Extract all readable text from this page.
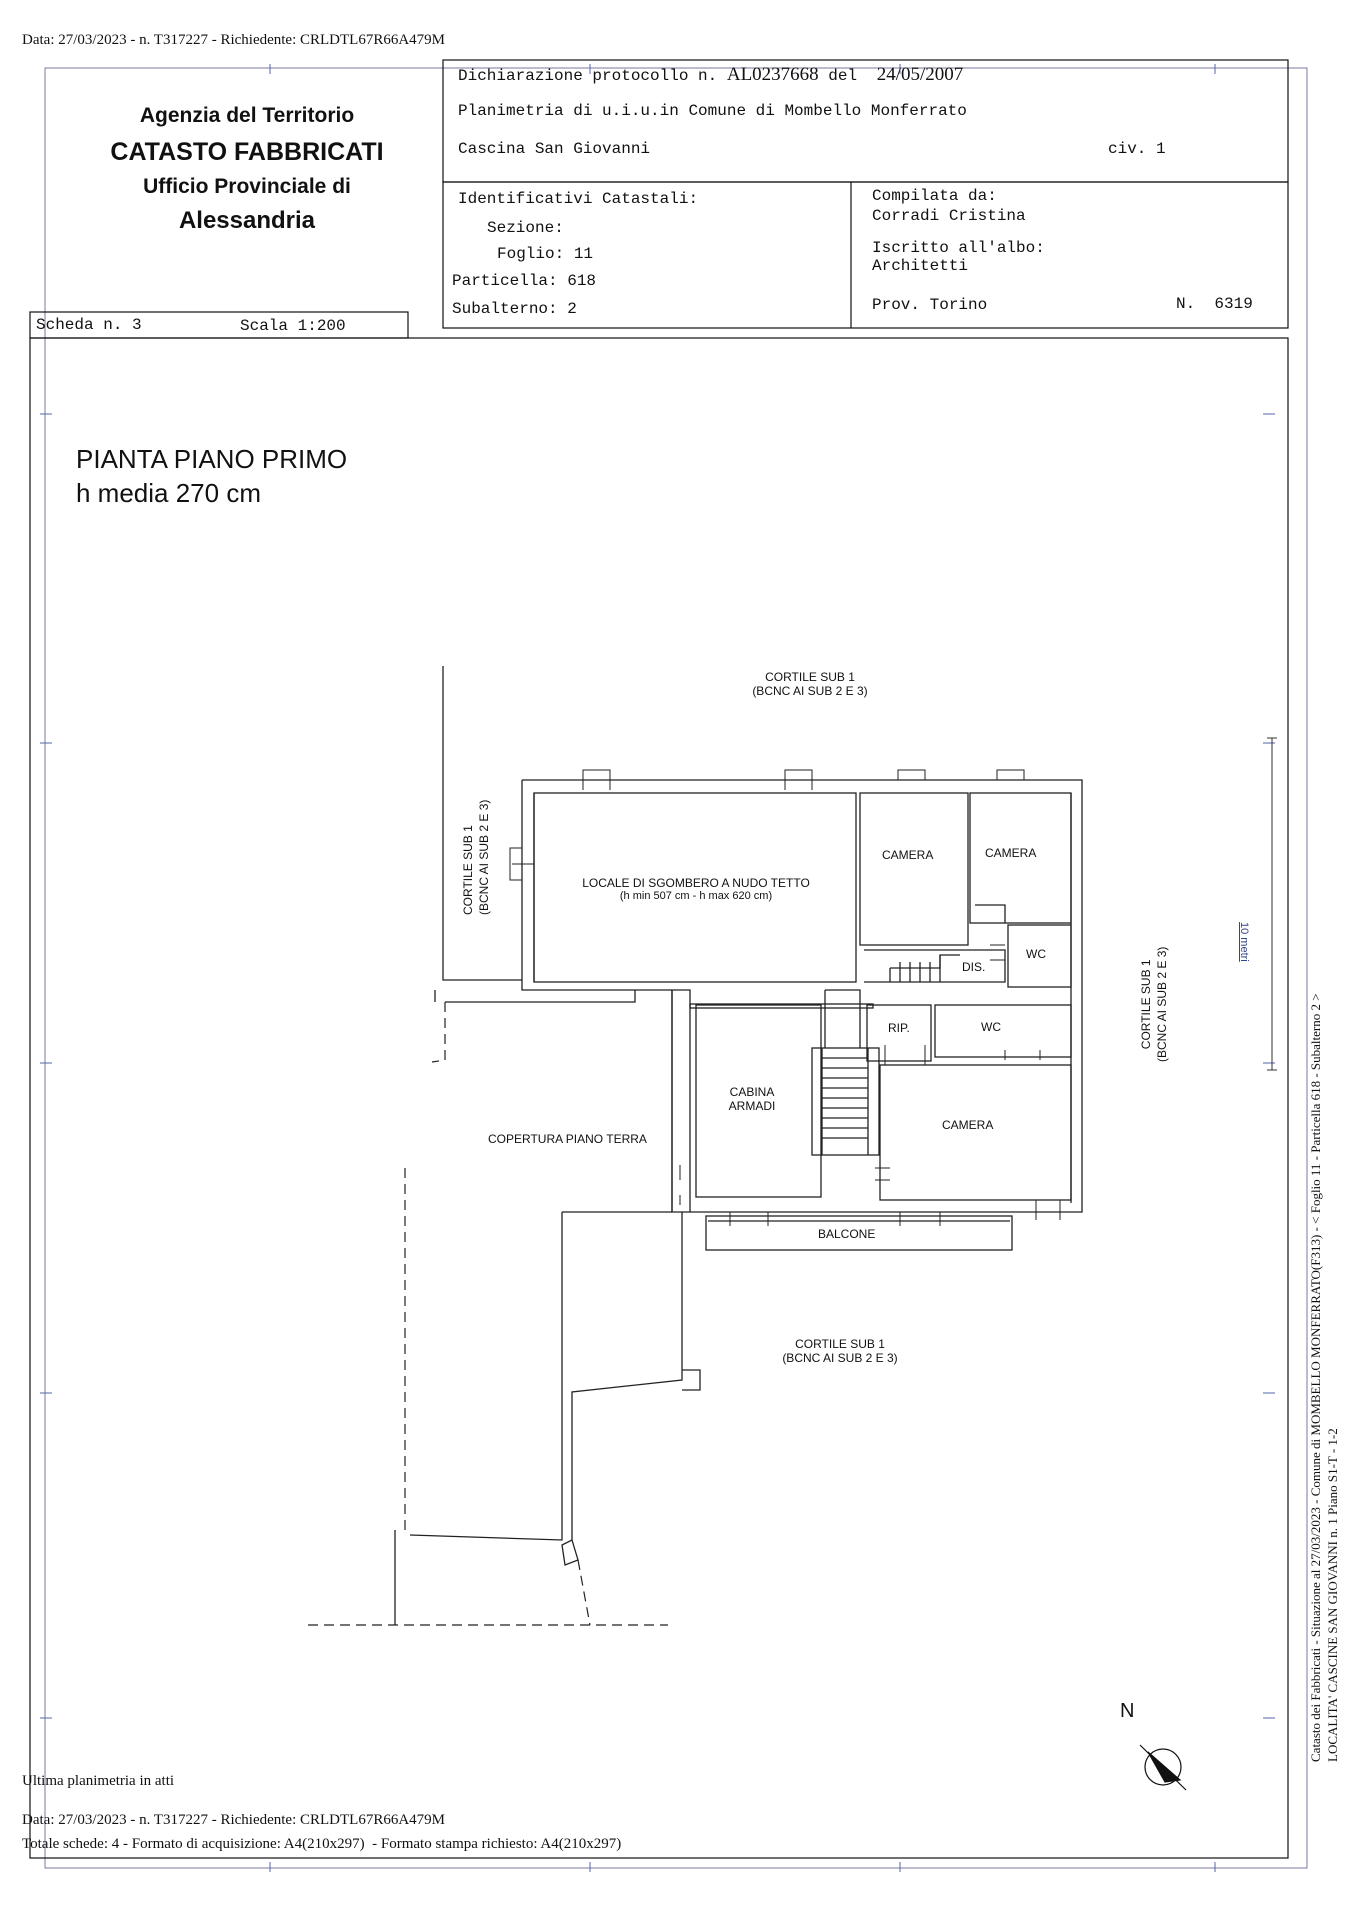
Data: 27/03/2023 - n. T317227 - Richiedente: CRLDTL67R66A479M
Agenzia del Territorio
CATASTO FABBRICATI
Ufficio Provinciale di
Alessandria
Dichiarazione protocollo n. AL0237668 del 24/05/2007
Planimetria di u.i.u.in Comune di Mombello Monferrato
Cascina San Giovanni	civ. 1
Identificativi Catastali:
Sezione:
Foglio: 11
Particella: 618
Subalterno: 2
Compilata da:
Corradi Cristina
Iscritto all'albo:
Architetti
Prov. Torino	N.  6319
Scheda n. 3	Scala 1:200
PIANTA PIANO PRIMO
h media 270 cm
CORTILE SUB 1
(BCNC AI SUB 2 E 3)
CORTILE SUB 1 (BCNC AI SUB 2 E 3)
CORTILE SUB 1 (BCNC AI SUB 2 E 3)
CORTILE SUB 1
(BCNC AI SUB 2 E 3)
LOCALE DI SGOMBERO A NUDO TETTO
(h min 507 cm - h max 620 cm)
CAMERA	CAMERA
CAMERA
WC
WC
DIS.
RIP.
CABINA
ARMADI
COPERTURA PIANO TERRA
BALCONE
N
10 metri
Catasto dei Fabbricati - Situazione al 27/03/2023 - Comune di MOMBELLO MONFERRATO(F313) - < Foglio 11 - Particella 618 - Subalterno 2 > LOCALITA' CASCINE SAN GIOVANNI n. 1 Piano S1-T - 1-2
Ultima planimetria in atti
Data: 27/03/2023 - n. T317227 - Richiedente: CRLDTL67R66A479M
Totale schede: 4 - Formato di acquisizione: A4(210x297)  - Formato stampa richiesto: A4(210x297)
